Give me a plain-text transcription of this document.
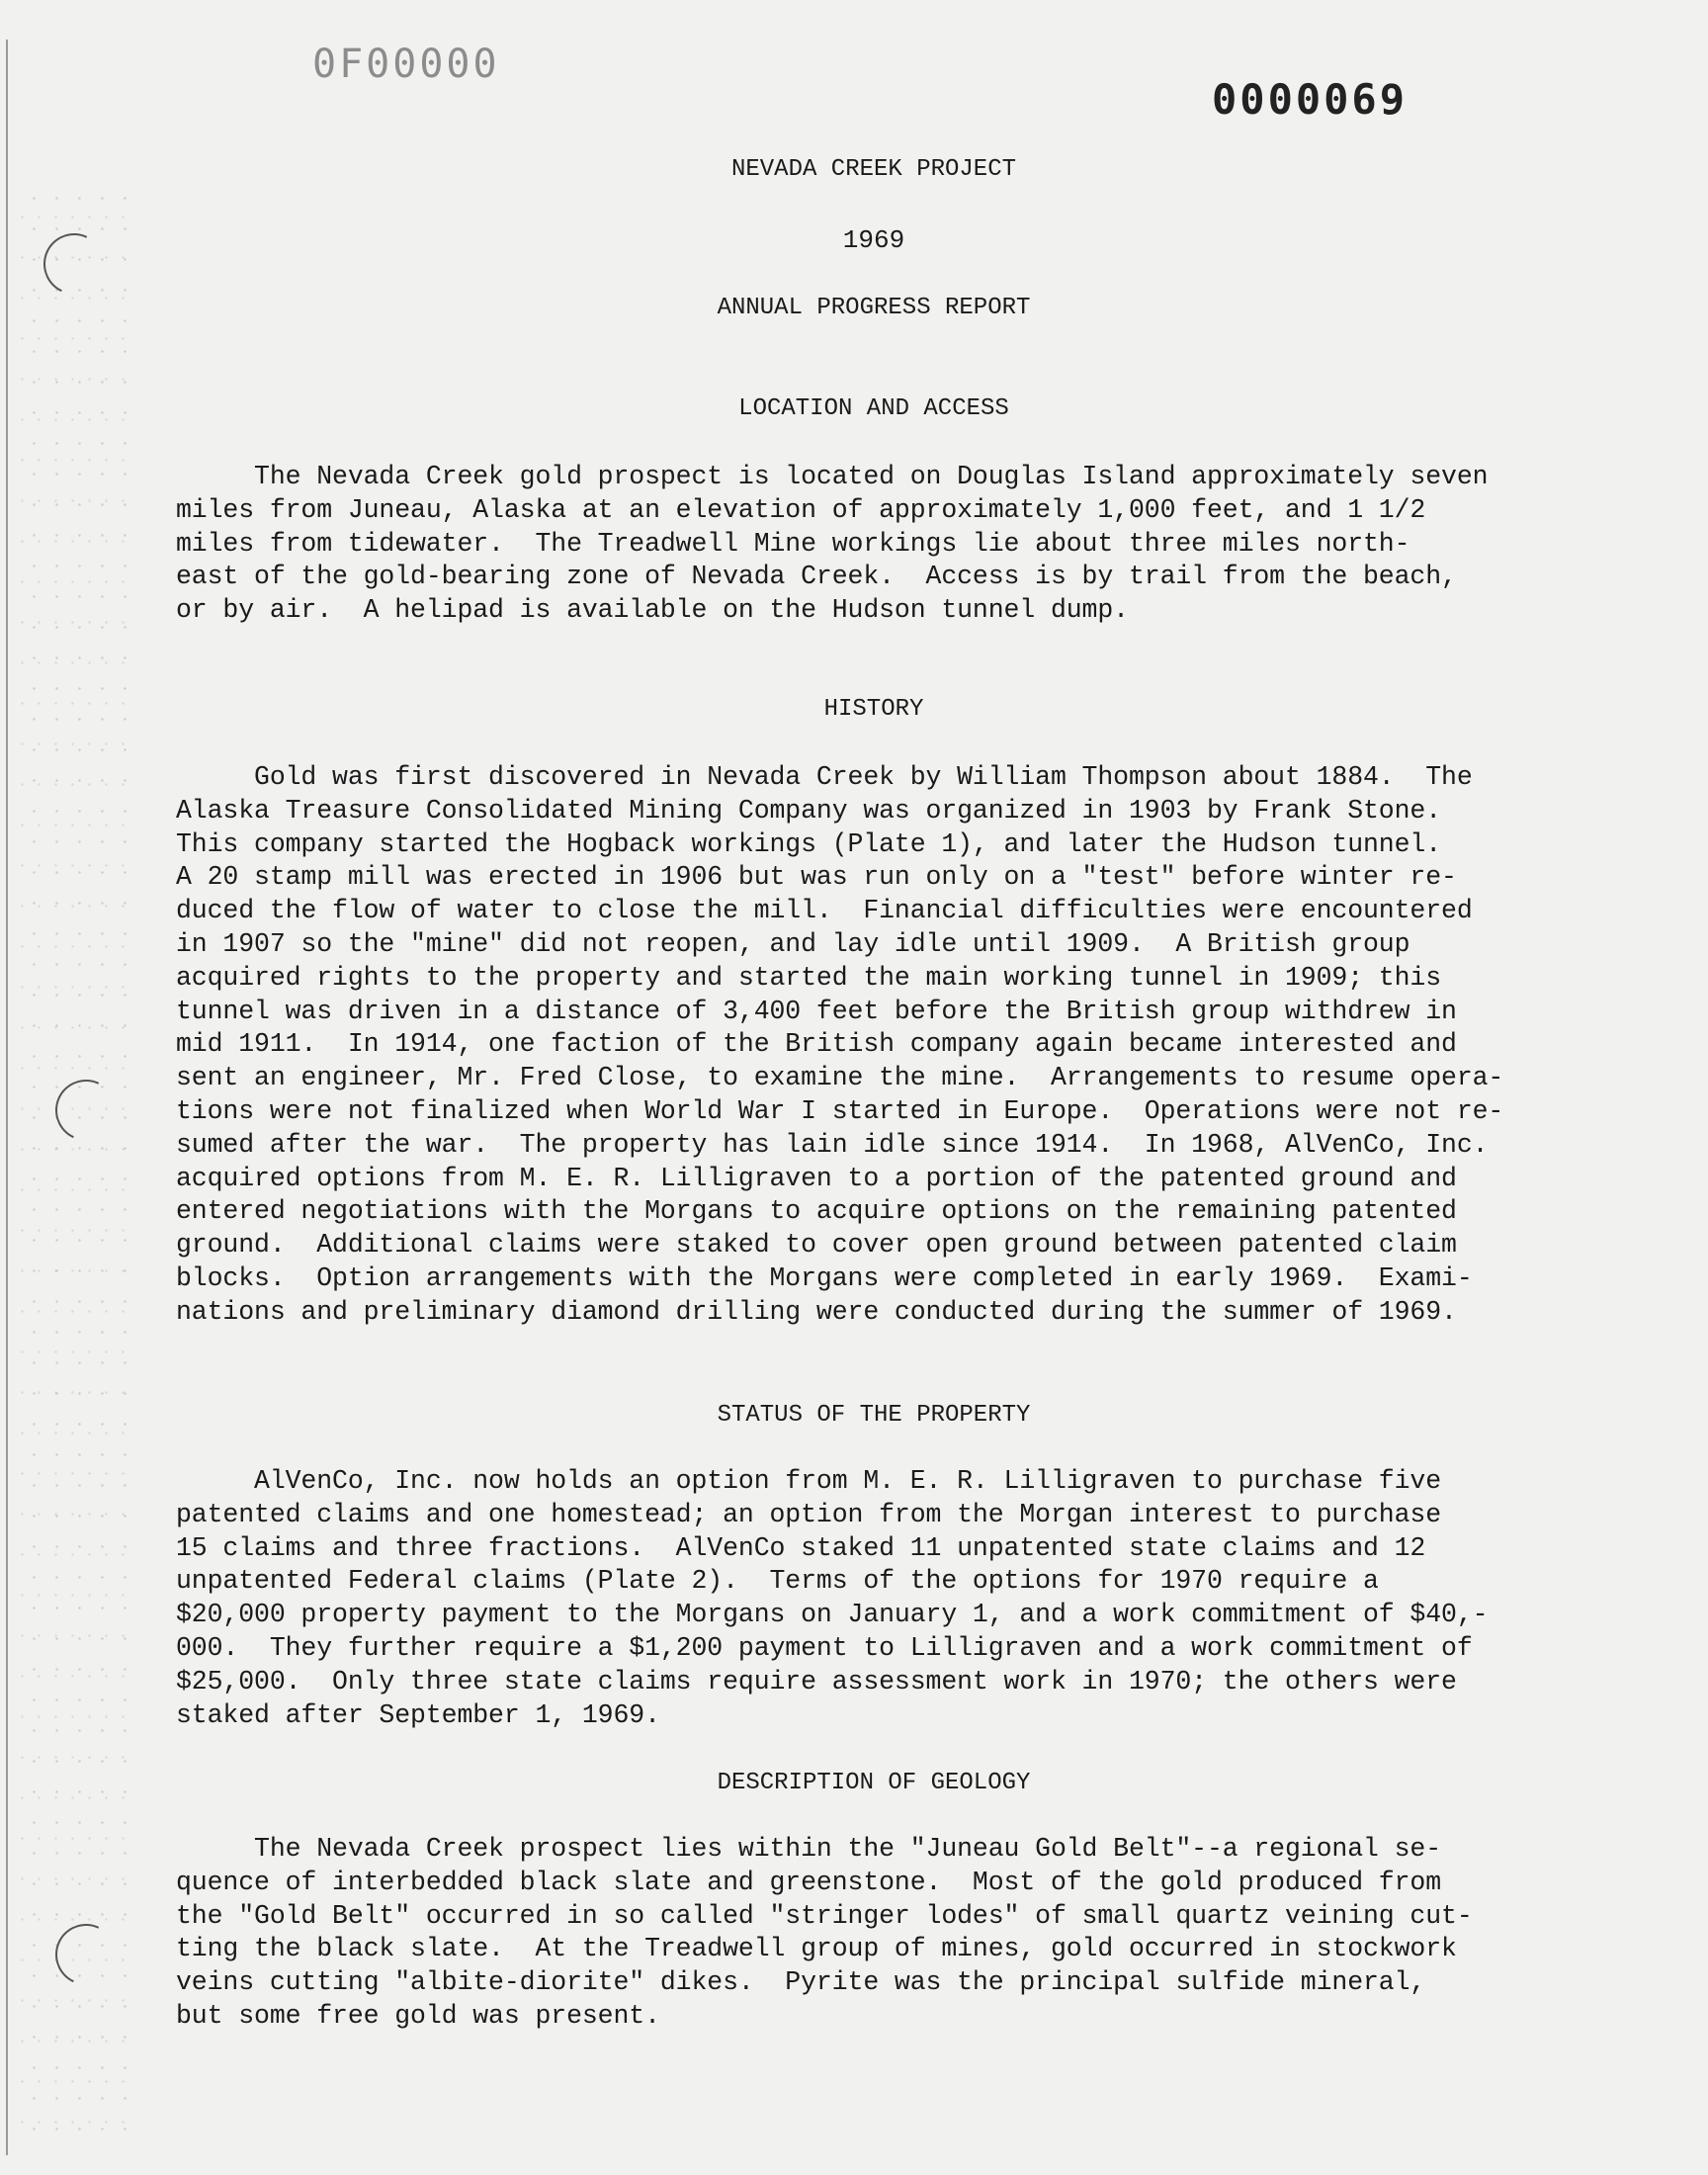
0F00000
0000069
NEVADA CREEK PROJECT
1969
ANNUAL PROGRESS REPORT
LOCATION AND ACCESS
The Nevada Creek gold prospect is located on Douglas Island approximately seven
miles from Juneau, Alaska at an elevation of approximately 1,000 feet, and 1 1/2
miles from tidewater.  The Treadwell Mine workings lie about three miles north-
east of the gold-bearing zone of Nevada Creek.  Access is by trail from the beach,
or by air.  A helipad is available on the Hudson tunnel dump.
HISTORY
Gold was first discovered in Nevada Creek by William Thompson about 1884.  The
Alaska Treasure Consolidated Mining Company was organized in 1903 by Frank Stone.
This company started the Hogback workings (Plate 1), and later the Hudson tunnel.
A 20 stamp mill was erected in 1906 but was run only on a "test" before winter re-
duced the flow of water to close the mill.  Financial difficulties were encountered
in 1907 so the "mine" did not reopen, and lay idle until 1909.  A British group
acquired rights to the property and started the main working tunnel in 1909; this
tunnel was driven in a distance of 3,400 feet before the British group withdrew in
mid 1911.  In 1914, one faction of the British company again became interested and
sent an engineer, Mr. Fred Close, to examine the mine.  Arrangements to resume opera-
tions were not finalized when World War I started in Europe.  Operations were not re-
sumed after the war.  The property has lain idle since 1914.  In 1968, AlVenCo, Inc.
acquired options from M. E. R. Lilligraven to a portion of the patented ground and
entered negotiations with the Morgans to acquire options on the remaining patented
ground.  Additional claims were staked to cover open ground between patented claim
blocks.  Option arrangements with the Morgans were completed in early 1969.  Exami-
nations and preliminary diamond drilling were conducted during the summer of 1969.
STATUS OF THE PROPERTY
AlVenCo, Inc. now holds an option from M. E. R. Lilligraven to purchase five
patented claims and one homestead; an option from the Morgan interest to purchase
15 claims and three fractions.  AlVenCo staked 11 unpatented state claims and 12
unpatented Federal claims (Plate 2).  Terms of the options for 1970 require a
$20,000 property payment to the Morgans on January 1, and a work commitment of $40,-
000.  They further require a $1,200 payment to Lilligraven and a work commitment of
$25,000.  Only three state claims require assessment work in 1970; the others were
staked after September 1, 1969.
DESCRIPTION OF GEOLOGY
The Nevada Creek prospect lies within the "Juneau Gold Belt"--a regional se-
quence of interbedded black slate and greenstone.  Most of the gold produced from
the "Gold Belt" occurred in so called "stringer lodes" of small quartz veining cut-
ting the black slate.  At the Treadwell group of mines, gold occurred in stockwork
veins cutting "albite-diorite" dikes.  Pyrite was the principal sulfide mineral,
but some free gold was present.
